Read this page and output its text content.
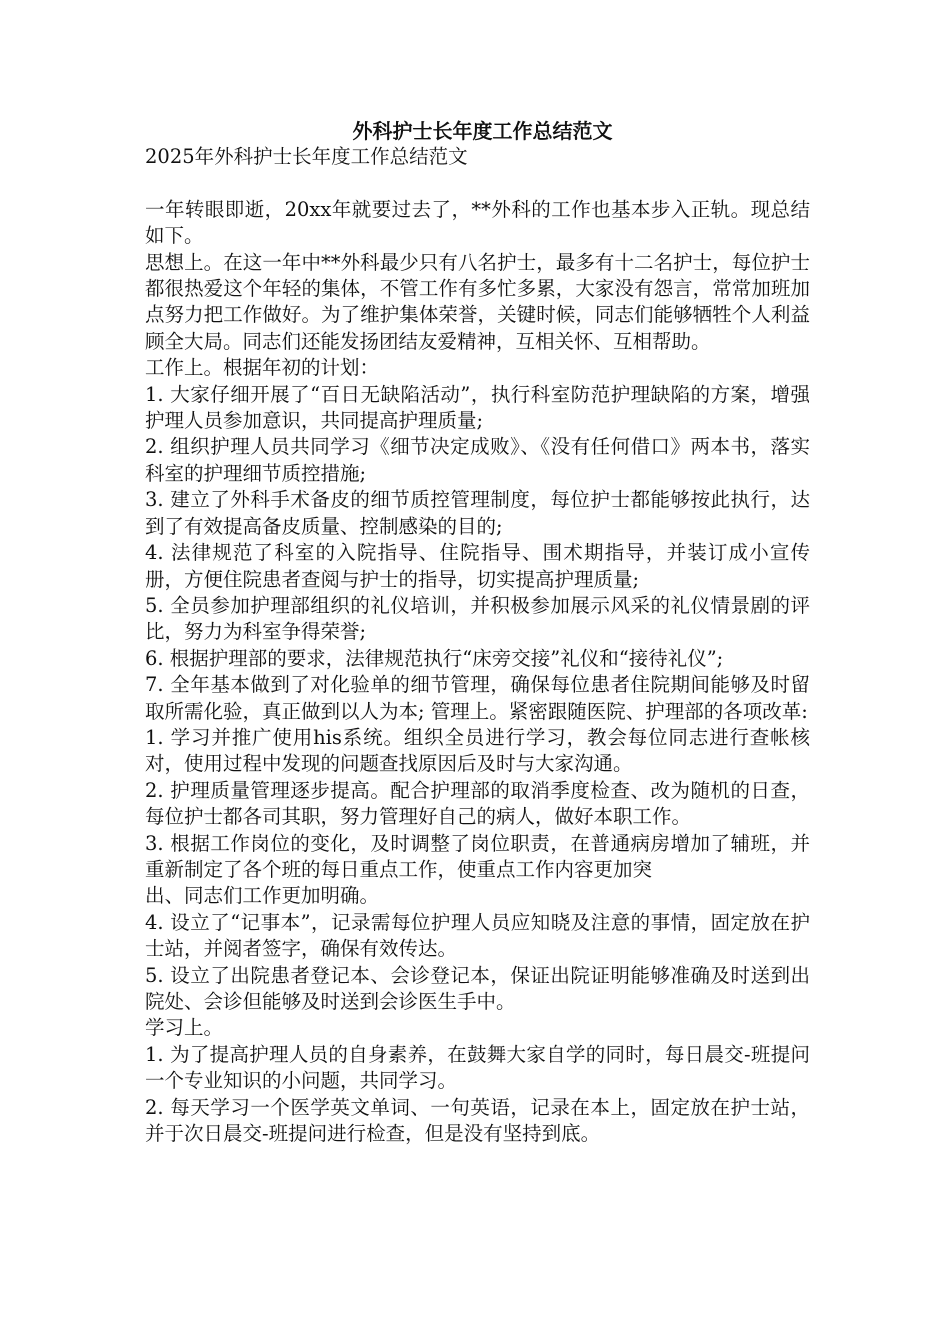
外科护士长年度工作总结范文

2025年外科护士长年度工作总结范文

一年转眼即逝，20xx年就要过去了，**外科的工作也基本步入正轨。现总结如下。

思想上。在这一年中**外科最少只有八名护士，最多有十二名护士，每位护士都很热爱这个年轻的集体，不管工作有多忙多累，大家没有怨言，常常加班加点努力把工作做好。为了维护集体荣誉，关键时候，同志们能够牺牲个人利益顾全大局。同志们还能发扬团结友爱精神，互相关怀、互相帮助。

工作上。根据年初的计划：

1. 大家仔细开展了“百日无缺陷活动”，执行科室防范护理缺陷的方案，增强护理人员参加意识，共同提高护理质量;

2. 组织护理人员共同学习《细节决定成败》、《没有任何借口》两本书，落实科室的护理细节质控措施;

3. 建立了外科手术备皮的细节质控管理制度，每位护士都能够按此执行，达到了有效提高备皮质量、控制感染的目的;

4. 法律规范了科室的入院指导、住院指导、围术期指导，并装订成小宣传册，方便住院患者查阅与护士的指导，切实提高护理质量;

5. 全员参加护理部组织的礼仪培训，并积极参加展示风采的礼仪情景剧的评比，努力为科室争得荣誉;

6. 根据护理部的要求，法律规范执行“床旁交接”礼仪和“接待礼仪”;

7. 全年基本做到了对化验单的细节管理，确保每位患者住院期间能够及时留取所需化验，真正做到以人为本; 管理上。紧密跟随医院、护理部的各项改革:

1. 学习并推广使用his系统。组织全员进行学习，教会每位同志进行查帐核对，使用过程中发现的问题查找原因后及时与大家沟通。

2. 护理质量管理逐步提高。配合护理部的取消季度检查、改为随机的日查，每位护士都各司其职，努力管理好自己的病人，做好本职工作。

3. 根据工作岗位的变化，及时调整了岗位职责，在普通病房增加了辅班，并重新制定了各个班的每日重点工作，使重点工作内容更加突

出、同志们工作更加明确。

4. 设立了“记事本”，记录需每位护理人员应知晓及注意的事情，固定放在护士站，并阅者签字，确保有效传达。

5. 设立了出院患者登记本、会诊登记本，保证出院证明能够准确及时送到出院处、会诊但能够及时送到会诊医生手中。

学习上。

1. 为了提高护理人员的自身素养，在鼓舞大家自学的同时，每日晨交-班提问一个专业知识的小问题，共同学习。

2. 每天学习一个医学英文单词、一句英语，记录在本上，固定放在护士站，并于次日晨交-班提问进行检查，但是没有坚持到底。
